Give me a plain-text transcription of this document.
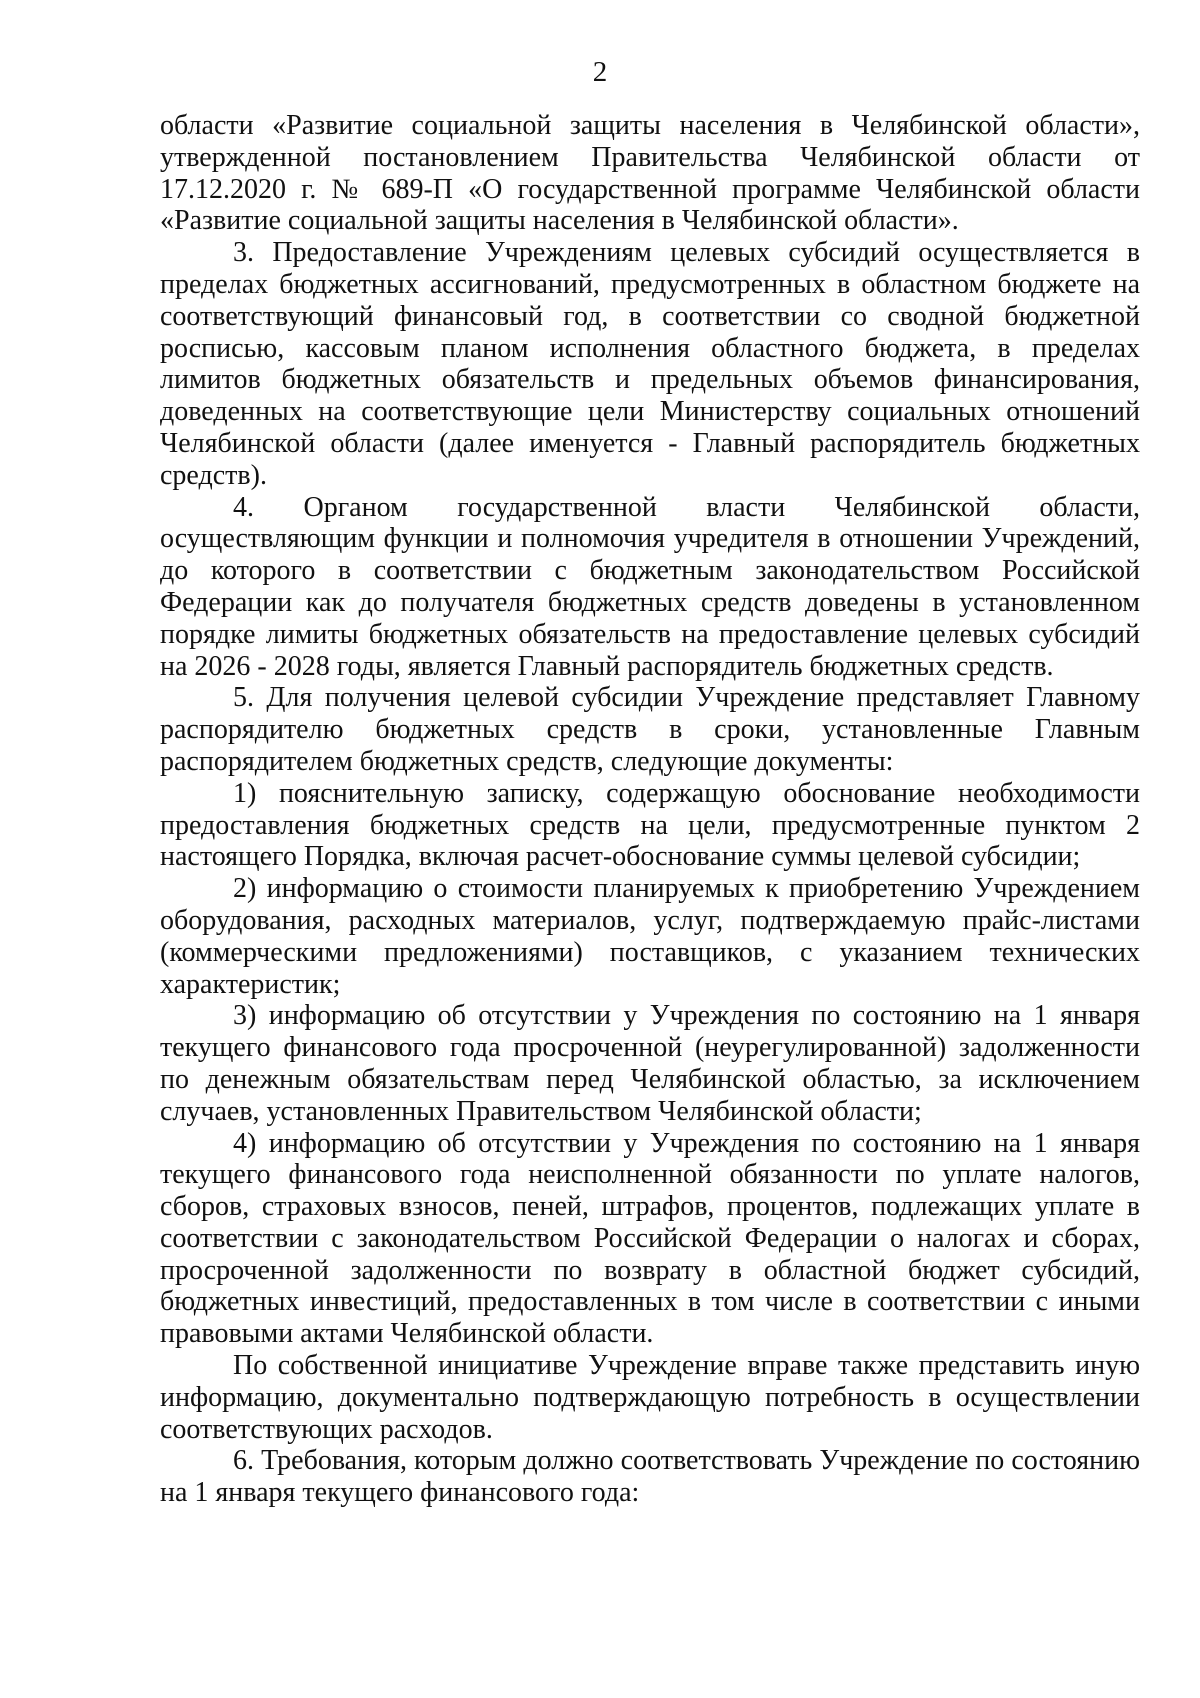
2

области «Развитие социальной защиты населения в Челябинской области», утвержденной постановлением Правительства Челябинской области от 17.12.2020 г. № 689-П «О государственной программе Челябинской области «Развитие социальной защиты населения в Челябинской области».

3. Предоставление Учреждениям целевых субсидий осуществляется в пределах бюджетных ассигнований, предусмотренных в областном бюджете на соответствующий финансовый год, в соответствии со сводной бюджетной росписью, кассовым планом исполнения областного бюджета, в пределах лимитов бюджетных обязательств и предельных объемов финансирования, доведенных на соответствующие цели Министерству социальных отношений Челябинской области (далее именуется - Главный распорядитель бюджетных средств).

4. Органом государственной власти Челябинской области, осуществляющим функции и полномочия учредителя в отношении Учреждений, до которого в соответствии с бюджетным законодательством Российской Федерации как до получателя бюджетных средств доведены в установленном порядке лимиты бюджетных обязательств на предоставление целевых субсидий на 2026 - 2028 годы, является Главный распорядитель бюджетных средств.

5. Для получения целевой субсидии Учреждение представляет Главному распорядителю бюджетных средств в сроки, установленные Главным распорядителем бюджетных средств, следующие документы:

1) пояснительную записку, содержащую обоснование необходимости предоставления бюджетных средств на цели, предусмотренные пунктом 2 настоящего Порядка, включая расчет-обоснование суммы целевой субсидии;

2) информацию о стоимости планируемых к приобретению Учреждением оборудования, расходных материалов, услуг, подтверждаемую прайс-листами (коммерческими предложениями) поставщиков, с указанием технических характеристик;

3) информацию об отсутствии у Учреждения по состоянию на 1 января текущего финансового года просроченной (неурегулированной) задолженности по денежным обязательствам перед Челябинской областью, за исключением случаев, установленных Правительством Челябинской области;

4) информацию об отсутствии у Учреждения по состоянию на 1 января текущего финансового года неисполненной обязанности по уплате налогов, сборов, страховых взносов, пеней, штрафов, процентов, подлежащих уплате в соответствии с законодательством Российской Федерации о налогах и сборах, просроченной задолженности по возврату в областной бюджет субсидий, бюджетных инвестиций, предоставленных в том числе в соответствии с иными правовыми актами Челябинской области.

По собственной инициативе Учреждение вправе также представить иную информацию, документально подтверждающую потребность в осуществлении соответствующих расходов.

6. Требования, которым должно соответствовать Учреждение по состоянию на 1 января текущего финансового года:
